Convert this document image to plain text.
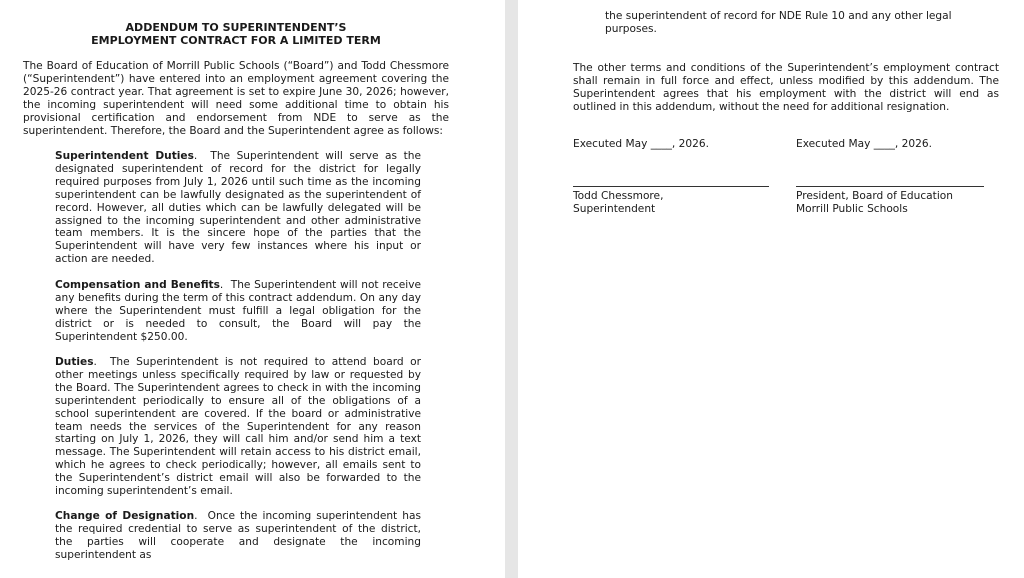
ADDENDUM TO SUPERINTENDENT’S
EMPLOYMENT CONTRACT FOR A LIMITED TERM
The Board of Education of Morrill Public Schools (“Board”) and Todd Chessmore (“Superintendent”) have entered into an employment agreement covering the 2025-26 contract year. That agreement is set to expire June 30, 2026; however, the incoming superintendent will need some additional time to obtain his provisional certification and endorsement from NDE to serve as the superintendent. Therefore, the Board and the Superintendent agree as follows:
Superintendent Duties.  The Superintendent will serve as the designated superintendent of record for the district for legally required purposes from July 1, 2026 until such time as the incoming superintendent can be lawfully designated as the superintendent of record. However, all duties which can be lawfully delegated will be assigned to the incoming superintendent and other administrative team members. It is the sincere hope of the parties that the Superintendent will have very few instances where his input or action are needed.
Compensation and Benefits.  The Superintendent will not receive any benefits during the term of this contract addendum. On any day where the Superintendent must fulfill a legal obligation for the district or is needed to consult, the Board will pay the Superintendent $250.00.
Duties.  The Superintendent is not required to attend board or other meetings unless specifically required by law or requested by the Board. The Superintendent agrees to check in with the incoming superintendent periodically to ensure all of the obligations of a school superintendent are covered. If the board or administrative team needs the services of the Superintendent for any reason starting on July 1, 2026, they will call him and/or send him a text message. The Superintendent will retain access to his district email, which he agrees to check periodically; however, all emails sent to the Superintendent’s district email will also be forwarded to the incoming superintendent’s email.
Change of Designation.  Once the incoming superintendent has the required credential to serve as superintendent of the district, the parties will cooperate and designate the incoming superintendent as
the superintendent of record for NDE Rule 10 and any other legal purposes.
The other terms and conditions of the Superintendent’s employment contract shall remain in full force and effect, unless modified by this addendum. The Superintendent agrees that his employment with the district will end as outlined in this addendum, without the need for additional resignation.
Executed May ____, 2026.	Executed May ____, 2026.
Todd Chessmore,
Superintendent
President, Board of Education
Morrill Public Schools
